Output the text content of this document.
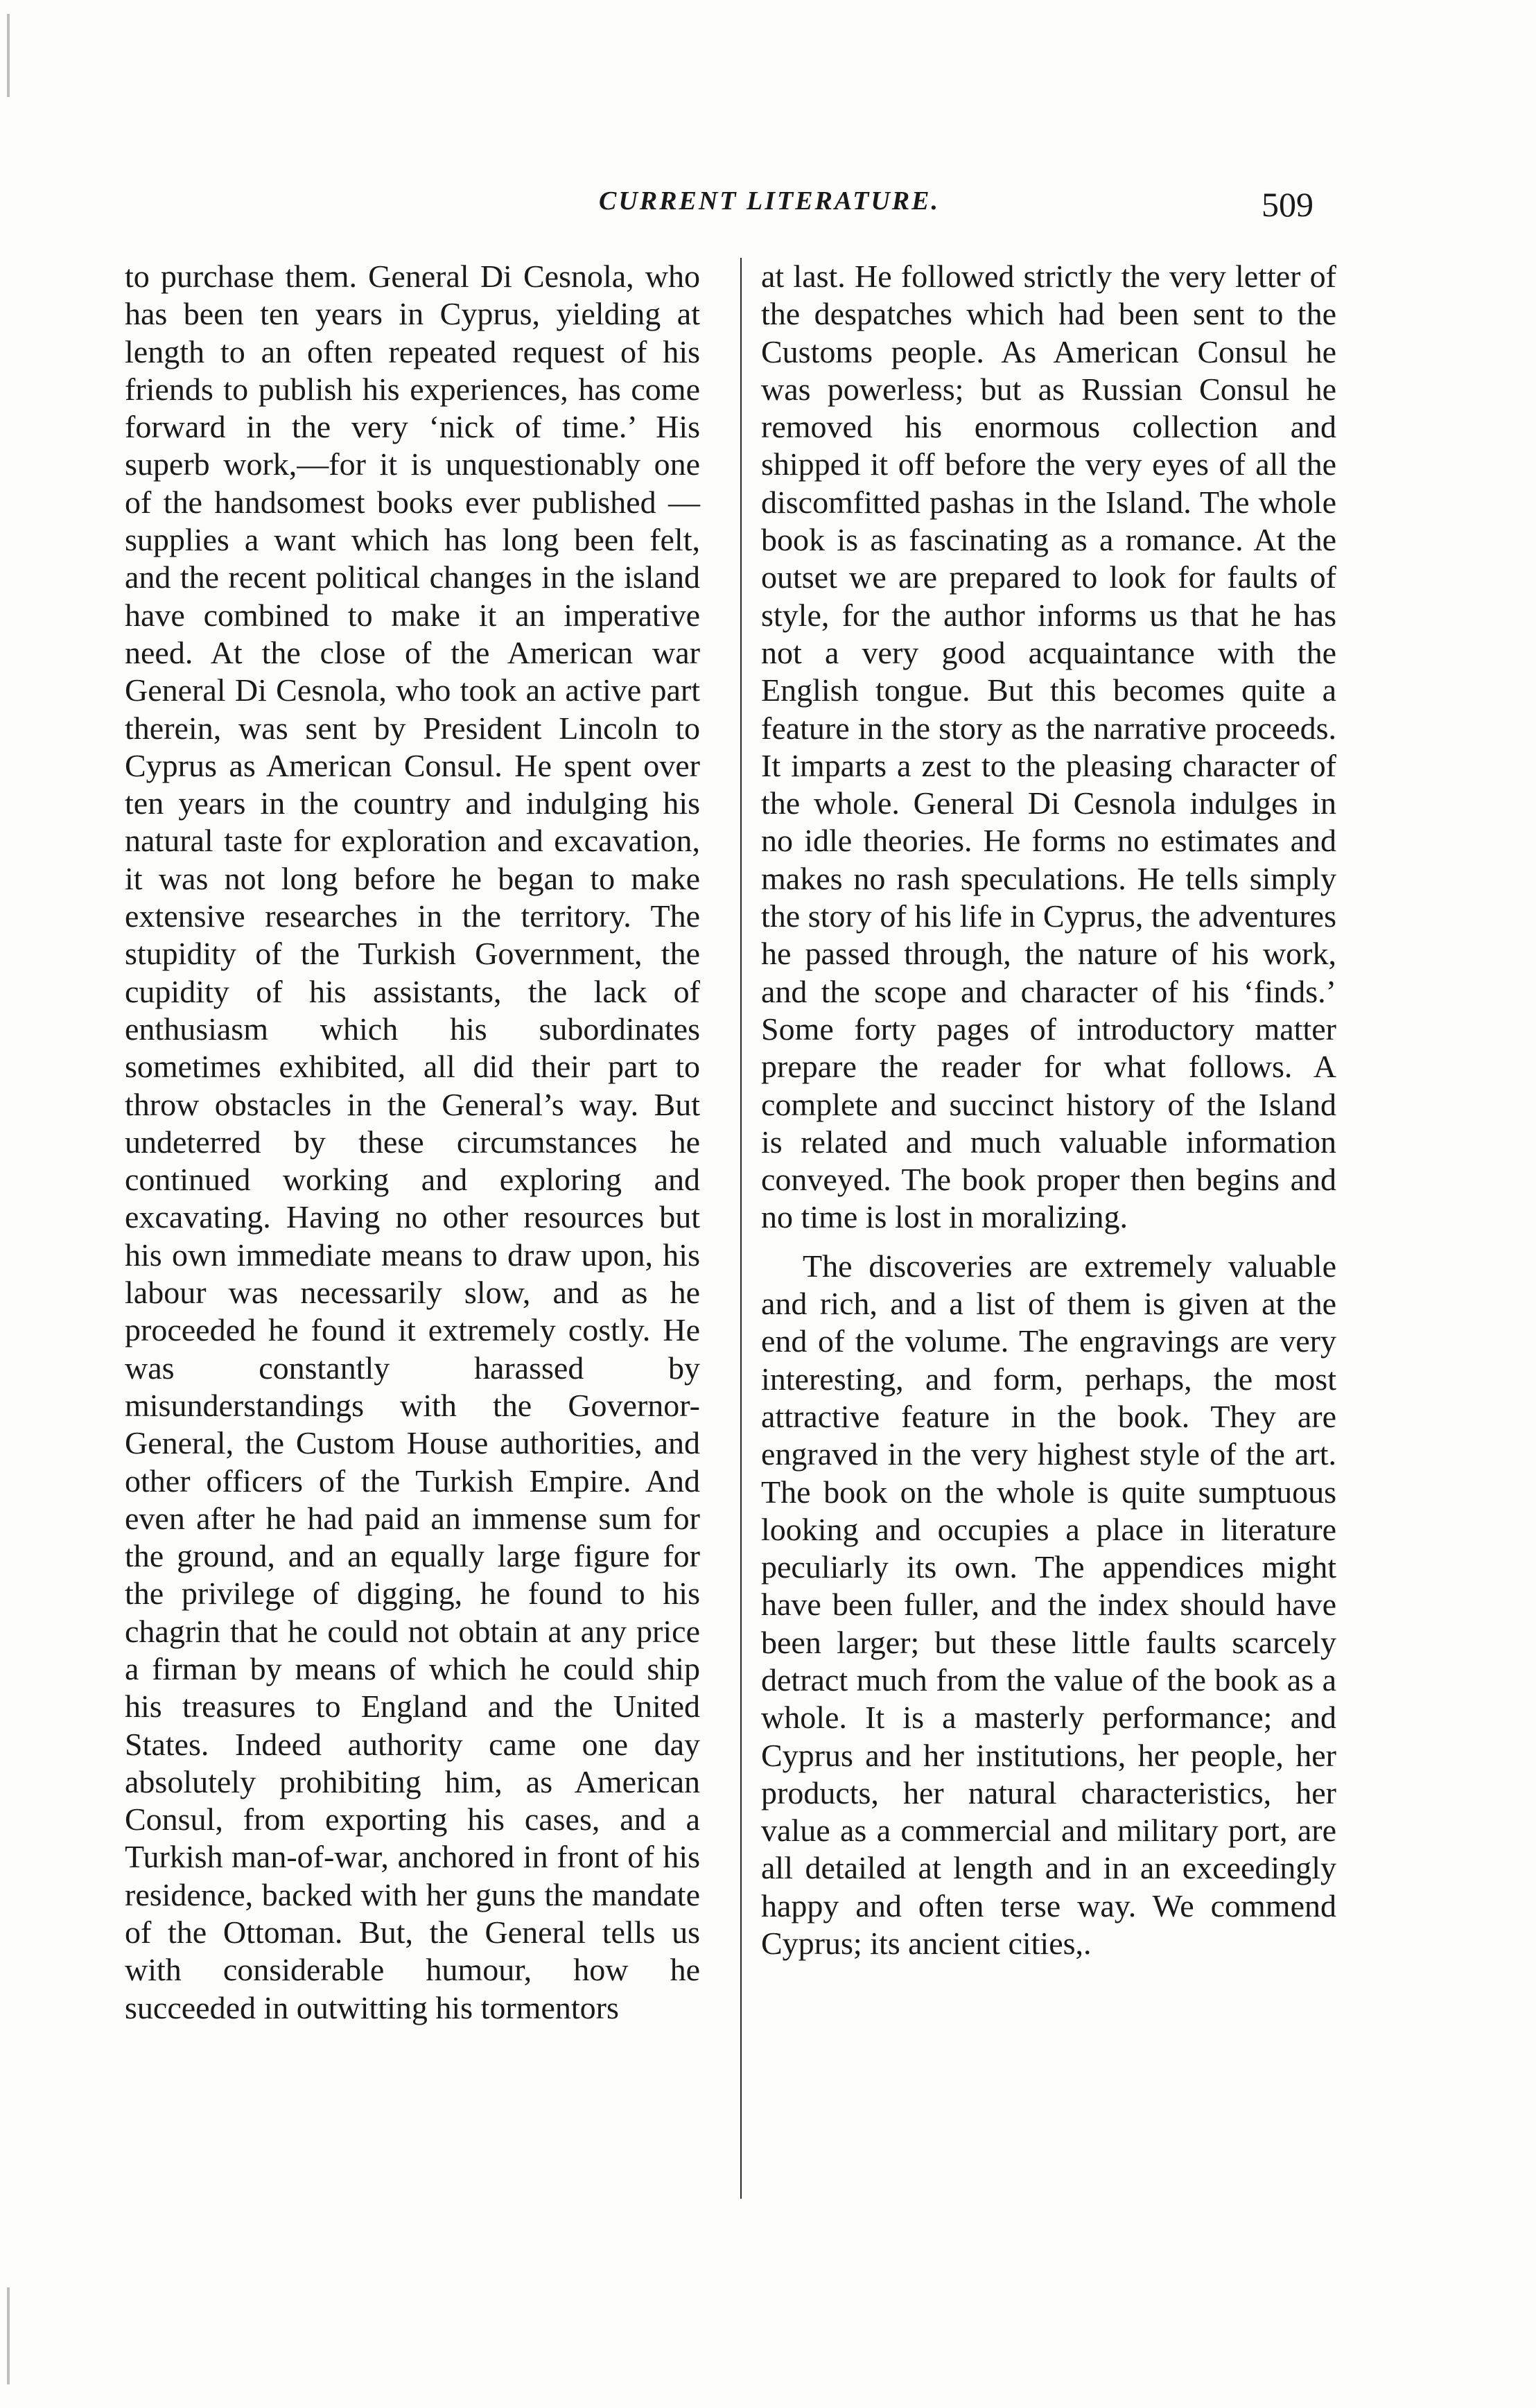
CURRENT LITERATURE.	509

to purchase them. General Di Cesnola, who has been ten years in Cyprus, yielding at length to an often repeated request of his friends to publish his experiences, has come forward in the very ‘nick of time.’ His superb work,—for it is unquestionably one of the handsomest books ever published —supplies a want which has long been felt, and the recent political changes in the island have combined to make it an imperative need. At the close of the American war General Di Cesnola, who took an active part therein, was sent by President Lincoln to Cyprus as American Consul. He spent over ten years in the country and indulging his natural taste for exploration and excavation, it was not long before he began to make extensive researches in the territory. The stupidity of the Turkish Government, the cupidity of his assistants, the lack of enthusiasm which his subordinates sometimes exhibited, all did their part to throw obstacles in the General’s way. But undeterred by these circumstances he continued working and exploring and excavating. Having no other resources but his own immediate means to draw upon, his labour was necessarily slow, and as he proceeded he found it extremely costly. He was constantly harassed by misunderstandings with the Governor-General, the Custom House authorities, and other officers of the Turkish Empire. And even after he had paid an immense sum for the ground, and an equally large figure for the privilege of digging, he found to his chagrin that he could not obtain at any price a firman by means of which he could ship his treasures to England and the United States. Indeed authority came one day absolutely prohibiting him, as American Consul, from exporting his cases, and a Turkish man-of-war, anchored in front of his residence, backed with her guns the mandate of the Ottoman. But, the General tells us with considerable humour, how he succeeded in outwitting his tormentors

at last. He followed strictly the very letter of the despatches which had been sent to the Customs people. As American Consul he was powerless; but as Russian Consul he removed his enormous collection and shipped it off before the very eyes of all the discomfitted pashas in the Island. The whole book is as fascinating as a romance. At the outset we are prepared to look for faults of style, for the author informs us that he has not a very good acquaintance with the English tongue. But this becomes quite a feature in the story as the narrative proceeds. It imparts a zest to the pleasing character of the whole. General Di Cesnola indulges in no idle theories. He forms no estimates and makes no rash speculations. He tells simply the story of his life in Cyprus, the adventures he passed through, the nature of his work, and the scope and character of his ‘finds.’ Some forty pages of introductory matter prepare the reader for what follows. A complete and succinct history of the Island is related and much valuable information conveyed. The book proper then begins and no time is lost in moralizing.

The discoveries are extremely valuable and rich, and a list of them is given at the end of the volume. The engravings are very interesting, and form, perhaps, the most attractive feature in the book. They are engraved in the very highest style of the art. The book on the whole is quite sumptuous looking and occupies a place in literature peculiarly its own. The appendices might have been fuller, and the index should have been larger; but these little faults scarcely detract much from the value of the book as a whole. It is a masterly performance; and Cyprus and her institutions, her people, her products, her natural characteristics, her value as a commercial and military port, are all detailed at length and in an exceedingly happy and often terse way. We commend Cyprus; its ancient cities,.
